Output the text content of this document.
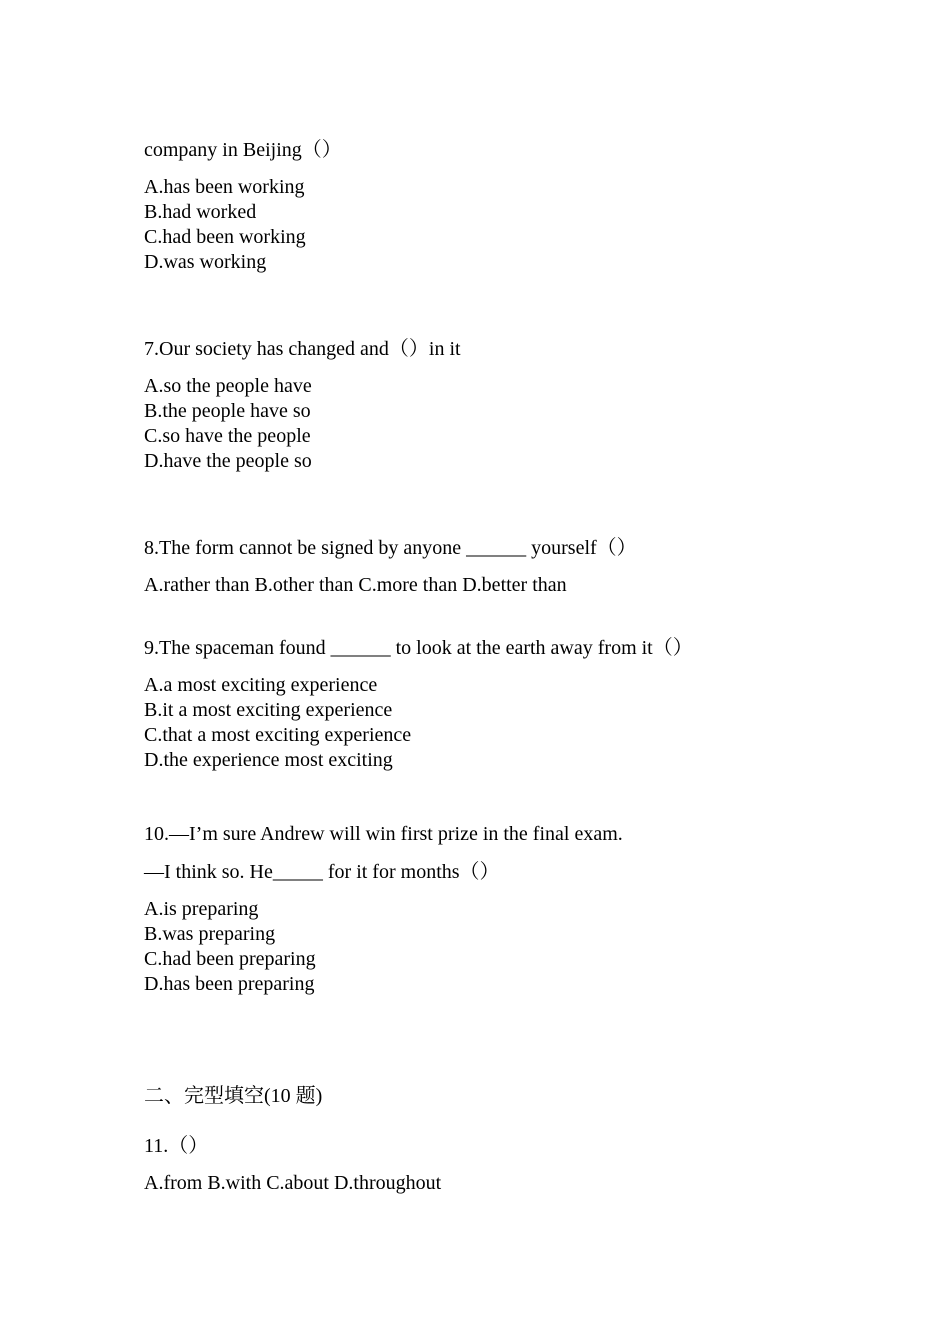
company in Beijing（）
A.has been working
B.had worked
C.had been working
D.was working
7.Our society has changed and（）in it
A.so the people have
B.the people have so
C.so have the people
D.have the people so
8.The form cannot be signed by anyone ______ yourself（）
A.rather than B.other than C.more than D.better than
9.The spaceman found ______ to look at the earth away from it（）
A.a most exciting experience
B.it a most exciting experience
C.that a most exciting experience
D.the experience most exciting
10.—I’m sure Andrew will win first prize in the final exam.
—I think so. He_____ for it for months（）
A.is preparing
B.was preparing
C.had been preparing
D.has been preparing
二、完型填空(10 题)
11.（）
A.from B.with C.about D.throughout
